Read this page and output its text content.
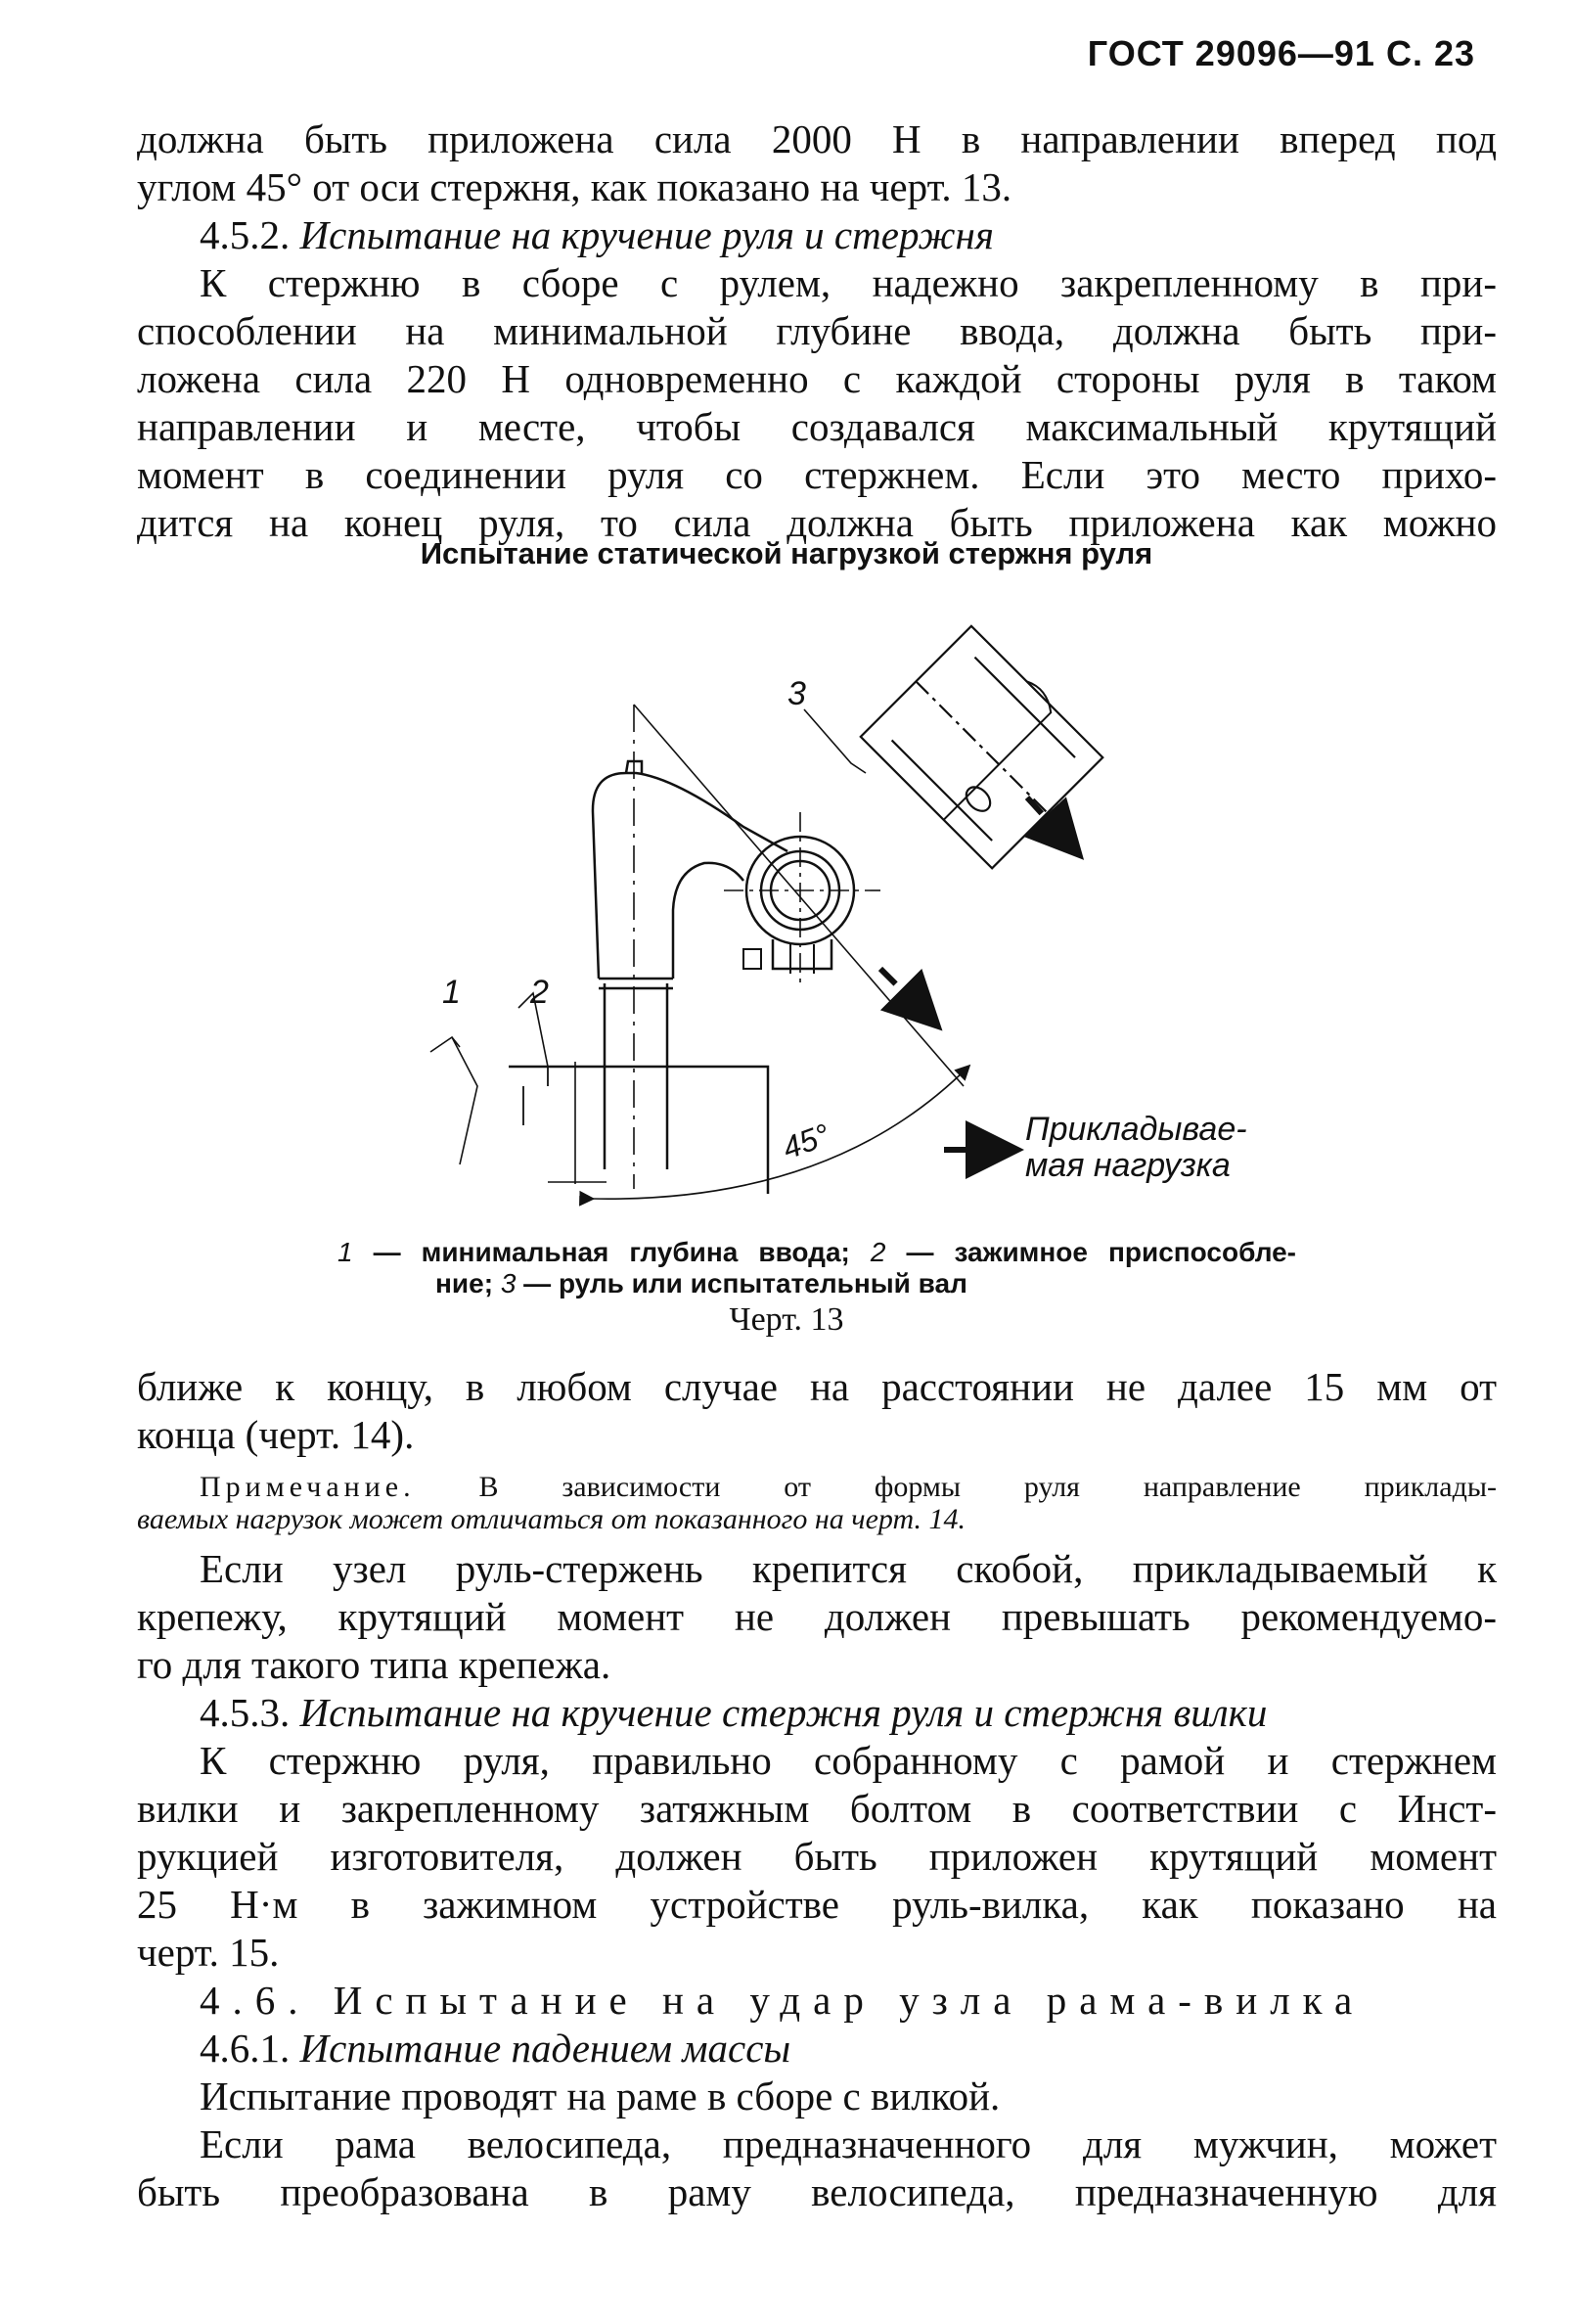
ГОСТ 29096—91 С. 23
должна быть приложена сила 2000 Н в направлении вперед под
углом 45° от оси стержня, как показано на черт. 13.
4.5.2. Испытание на кручение руля и стержня
К стержню в сборе с рулем, надежно закрепленному в при-
способлении на минимальной глубине ввода, должна быть при-
ложена сила 220 Н одновременно с каждой стороны руля в таком
направлении и месте, чтобы создавался максимальный крутящий
момент в соединении руля со стержнем. Если это место прихо-
дится на конец руля, то сила должна быть приложена как можно
Испытание статической нагрузкой стержня руля
1 2
3
45°	Прикладывае-
мая нагрузка
1 — минимальная глубина ввода; 2 — зажимное приспособле-
ние; 3 — руль или испытательный вал
Черт. 13
ближе к концу, в любом случае на расстоянии не далее 15 мм от
конца (черт. 14).
Примечание. В зависимости от формы руля направление приклады-
ваемых нагрузок может отличаться от показанного на черт. 14.
Если узел руль-стержень крепится скобой, прикладываемый к
крепежу, крутящий момент не должен превышать рекомендуемо-
го для такого типа крепежа.
4.5.3. Испытание на кручение стержня руля и стержня вилки
К стержню руля, правильно собранному с рамой и стержнем
вилки и закрепленному затяжным болтом в соответствии с Инст-
рукцией изготовителя, должен быть приложен крутящий момент
25 Н·м в зажимном устройстве руль-вилка, как показано на
черт. 15.
4.6. Испытание на удар узла рама-вилка
4.6.1. Испытание падением массы
Испытание проводят на раме в сборе с вилкой.
Если рама велосипеда, предназначенного для мужчин, может
быть преобразована в раму велосипеда, предназначенную для
